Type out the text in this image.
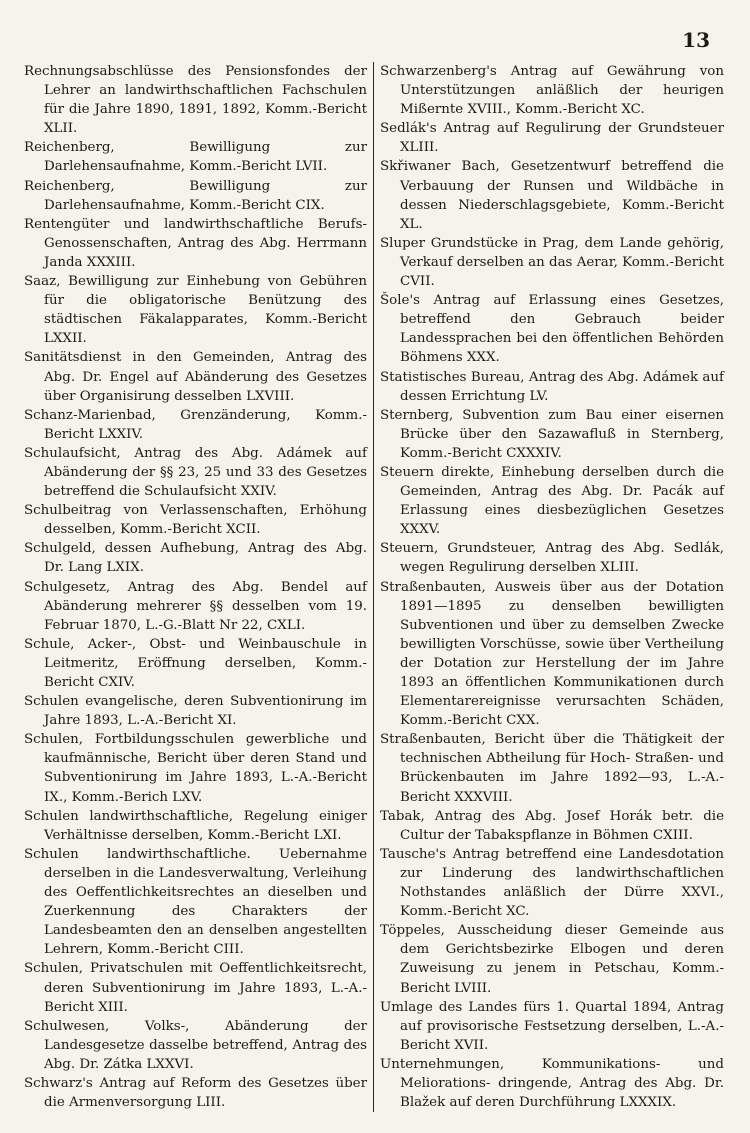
13

Rechnungsabschlüsse des Pensionsfondes der Lehrer an landwirthschaftlichen Fachschulen für die Jahre 1890, 1891, 1892, Komm.-Bericht XLII.

Reichenberg, Bewilligung zur Darlehensaufnahme, Komm.-Bericht LVII.

Reichenberg, Bewilligung zur Darlehensaufnahme, Komm.-Bericht CIX.

Rentengüter und landwirthschaftliche Berufs-Genossenschaften, Antrag des Abg. Herrmann Janda XXXIII.

Saaz, Bewilligung zur Einhebung von Gebühren für die obligatorische Benützung des städtischen Fäkalapparates, Komm.-Bericht LXXII.

Sanitätsdienst in den Gemeinden, Antrag des Abg. Dr. Engel auf Abänderung des Gesetzes über Organisirung desselben LXVIII.

Schanz-Marienbad, Grenzänderung, Komm.-Bericht LXXIV.

Schulaufsicht, Antrag des Abg. Adámek auf Abänderung der §§ 23, 25 und 33 des Gesetzes betreffend die Schulaufsicht XXIV.

Schulbeitrag von Verlassenschaften, Erhöhung desselben, Komm.-Bericht XCII.

Schulgeld, dessen Aufhebung, Antrag des Abg. Dr. Lang LXIX.

Schulgesetz, Antrag des Abg. Bendel auf Abänderung mehrerer §§ desselben vom 19. Februar 1870, L.-G.-Blatt Nr 22, CXLI.

Schule, Acker-, Obst- und Weinbauschule in Leitmeritz, Eröffnung derselben, Komm.-Bericht CXIV.

Schulen evangelische, deren Subventionirung im Jahre 1893, L.-A.-Bericht XI.

Schulen, Fortbildungsschulen gewerbliche und kaufmännische, Bericht über deren Stand und Subventionirung im Jahre 1893, L.-A.-Bericht IX., Komm.-Berich LXV.

Schulen landwirthschaftliche, Regelung einiger Verhältnisse derselben, Komm.-Bericht LXI.

Schulen landwirthschaftliche. Uebernahme derselben in die Landesverwaltung, Verleihung des Oeffentlichkeitsrechtes an dieselben und Zuerkennung des Charakters der Landesbeamten den an denselben angestellten Lehrern, Komm.-Bericht CIII.

Schulen, Privatschulen mit Oeffentlichkeitsrecht, deren Subventionirung im Jahre 1893, L.-A.-Bericht XIII.

Schulwesen, Volks-, Abänderung der Landesgesetze dasselbe betreffend, Antrag des Abg. Dr. Zátka LXXVI.

Schwarz's Antrag auf Reform des Gesetzes über die Armenversorgung LIII.

Schwarzenberg's Antrag auf Gewährung von Unterstützungen anläßlich der heurigen Mißernte XVIII., Komm.-Bericht XC.

Sedlák's Antrag auf Regulirung der Grundsteuer XLIII.

Skřiwaner Bach, Gesetzentwurf betreffend die Verbauung der Runsen und Wildbäche in dessen Niederschlagsgebiete, Komm.-Bericht XL.

Sluper Grundstücke in Prag, dem Lande gehörig, Verkauf derselben an das Aerar, Komm.-Bericht CVII.

Šole's Antrag auf Erlassung eines Gesetzes, betreffend den Gebrauch beider Landessprachen bei den öffentlichen Behörden Böhmens XXX.

Statistisches Bureau, Antrag des Abg. Adámek auf dessen Errichtung LV.

Sternberg, Subvention zum Bau einer eisernen Brücke über den Sazawafluß in Sternberg, Komm.-Bericht CXXXIV.

Steuern direkte, Einhebung derselben durch die Gemeinden, Antrag des Abg. Dr. Pacák auf Erlassung eines diesbezüglichen Gesetzes XXXV.

Steuern, Grundsteuer, Antrag des Abg. Sedlák, wegen Regulirung derselben XLIII.

Straßenbauten, Ausweis über aus der Dotation 1891—1895 zu denselben bewilligten Subventionen und über zu demselben Zwecke bewilligten Vorschüsse, sowie über Vertheilung der Dotation zur Herstellung der im Jahre 1893 an öffentlichen Kommunikationen durch Elementarereignisse verursachten Schäden, Komm.-Bericht CXX.

Straßenbauten, Bericht über die Thätigkeit der technischen Abtheilung für Hoch- Straßen- und Brückenbauten im Jahre 1892—93, L.-A.-Bericht XXXVIII.

Tabak, Antrag des Abg. Josef Horák betr. die Cultur der Tabakspflanze in Böhmen CXIII.

Tausche's Antrag betreffend eine Landesdotation zur Linderung des landwirthschaftlichen Nothstandes anläßlich der Dürre XXVI., Komm.-Bericht XC.

Töppeles, Ausscheidung dieser Gemeinde aus dem Gerichtsbezirke Elbogen und deren Zuweisung zu jenem in Petschau, Komm.-Bericht LVIII.

Umlage des Landes fürs 1. Quartal 1894, Antrag auf provisorische Festsetzung derselben, L.-A.-Bericht XVII.

Unternehmungen, Kommunikations- und Meliorations- dringende, Antrag des Abg. Dr. Blažek auf deren Durchführung LXXXIX.
